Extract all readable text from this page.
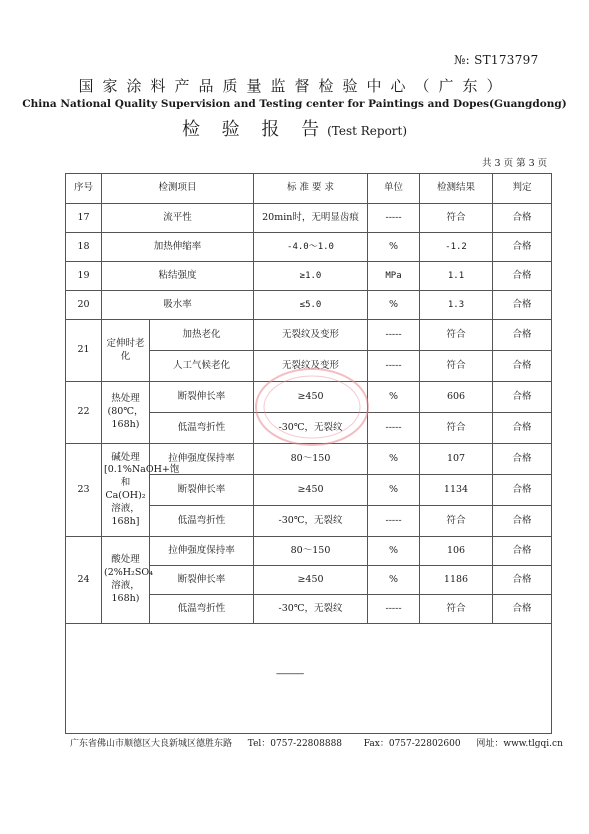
№: ST173797
国家涂料产品质量监督检验中心（广东）
China National Quality Supervision and Testing center for Paintings and Dopes(Guangdong)
检 验 报 告(Test Report)
共 3 页 第 3 页
序号	检测项目		标 准 要 求	单位	检测结果	判定
17	流平性		20min时，无明显齿痕	-----	符合	合格
18	加热伸缩率		-4.0～1.0	%	-1.2	合格
19	粘结强度		≥1.0	MPa	1.1	合格
20	吸水率		≤5.0	%	1.3	合格
21	定伸时老化	加热老化	无裂纹及变形	-----	符合	合格
		人工气候老化	无裂纹及变形	-----	符合	合格
22	热处理(80℃，168h)	断裂伸长率	≥450	%	606	合格
		低温弯折性	-30℃，无裂纹	-----	符合	合格
23	碱处理[0.1%NaOH+饱和Ca(OH)₂溶液，168h]	拉伸强度保持率	80～150	%	107	合格
		断裂伸长率	≥450	%	1134	合格
		低温弯折性	-30℃，无裂纹	-----	符合	合格
24	酸处理(2%H₂SO₄溶液，168h)	拉伸强度保持率	80～150	%	106	合格
		断裂伸长率	≥450	%	1186	合格
		低温弯折性	-30℃，无裂纹	-----	符合	合格

----------------						
广东省佛山市顺德区大良新城区德胜东路 Tel：0757-22808888 Fax：0757-22802600 网址：www.tlgqi.cn
